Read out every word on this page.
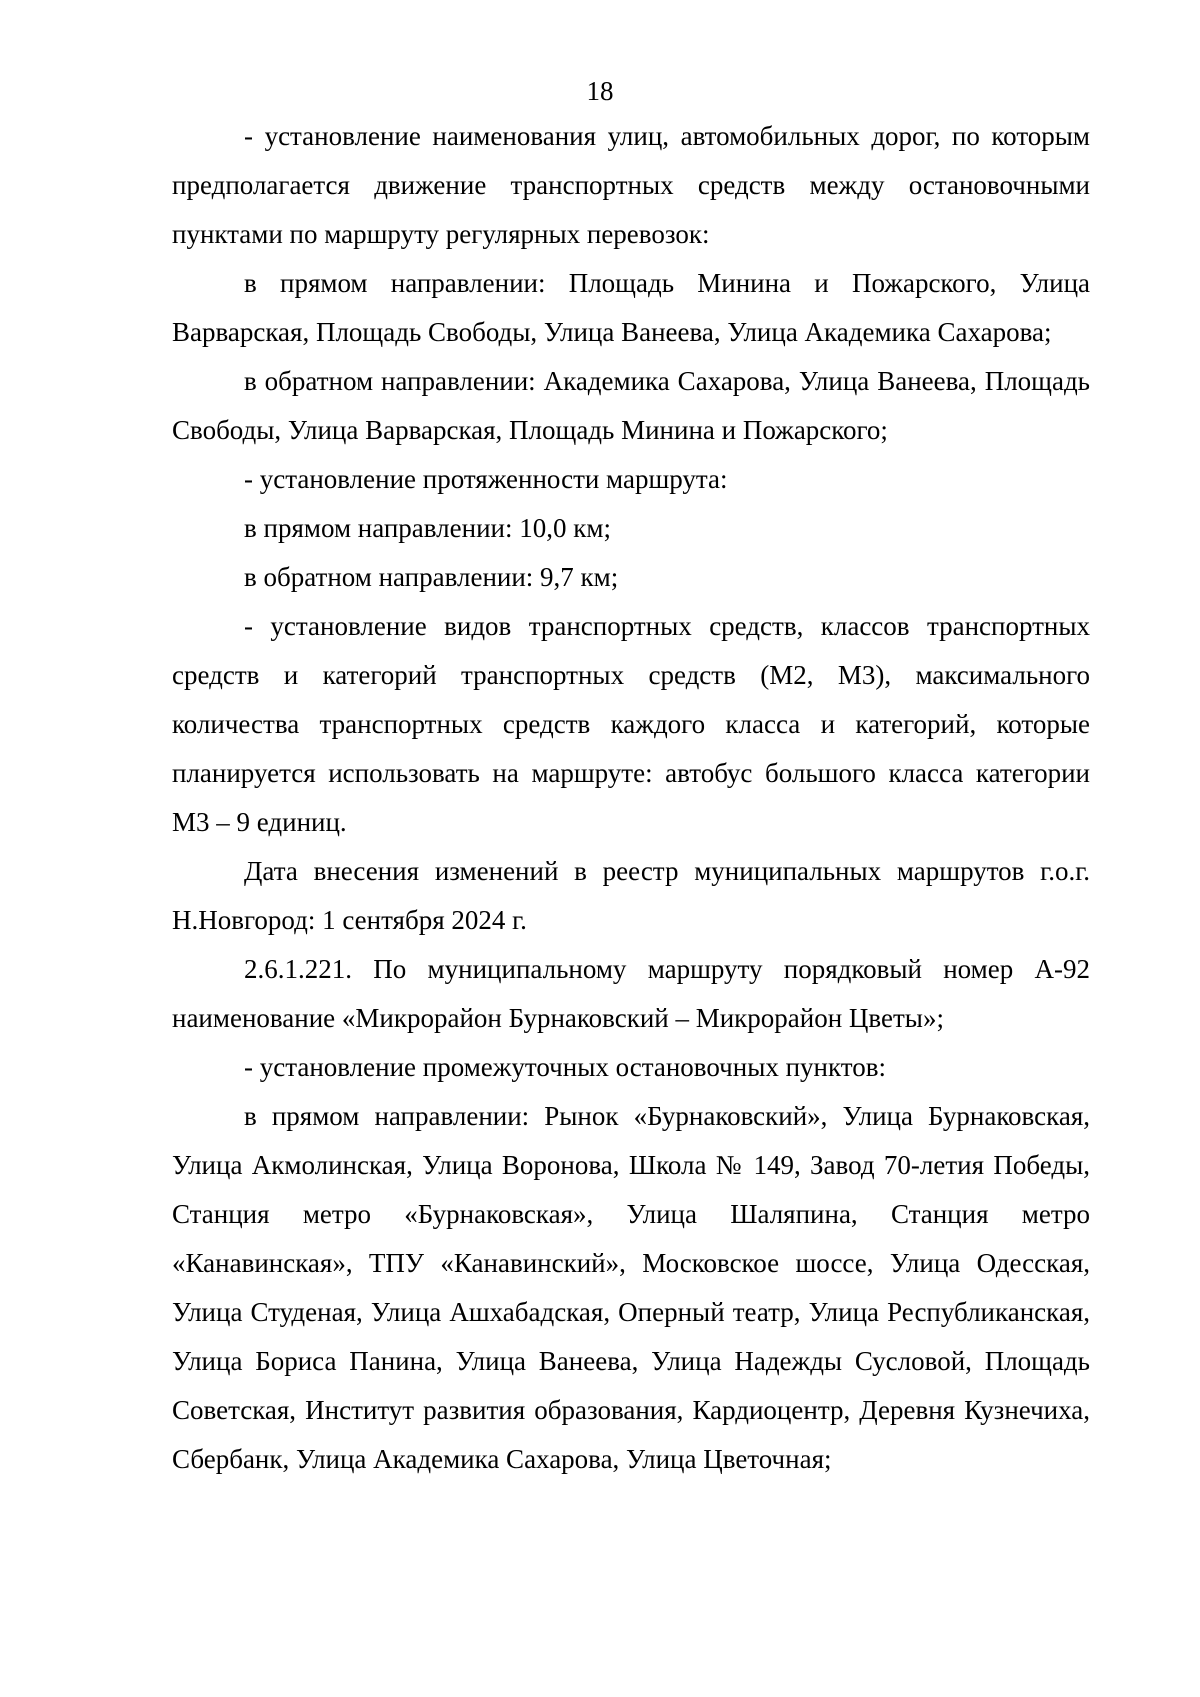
18

- установление наименования улиц, автомобильных дорог, по которым предполагается движение транспортных средств между остановочными пунктами по маршруту регулярных перевозок:

в прямом направлении: Площадь Минина и Пожарского, Улица Варварская, Площадь Свободы, Улица Ванеева, Улица Академика Сахарова;

в обратном направлении: Академика Сахарова, Улица Ванеева, Площадь Свободы, Улица Варварская, Площадь Минина и Пожарского;

- установление протяженности маршрута:

в прямом направлении: 10,0 км;

в обратном направлении: 9,7 км;

- установление видов транспортных средств, классов транспортных средств и категорий транспортных средств (M2, M3), максимального количества транспортных средств каждого класса и категорий, которые планируется использовать на маршруте: автобус большого класса категории М3 – 9 единиц.

Дата внесения изменений в реестр муниципальных маршрутов г.о.г. Н.Новгород: 1 сентября 2024 г.

2.6.1.221. По муниципальному маршруту порядковый номер А-92 наименование «Микрорайон Бурнаковский – Микрорайон Цветы»;

- установление промежуточных остановочных пунктов:

в прямом направлении: Рынок «Бурнаковский», Улица Бурнаковская, Улица Акмолинская, Улица Воронова, Школа № 149, Завод 70-летия Победы, Станция метро «Бурнаковская», Улица Шаляпина, Станция метро «Канавинская», ТПУ «Канавинский», Московское шоссе, Улица Одесская, Улица Студеная, Улица Ашхабадская, Оперный театр, Улица Республиканская, Улица Бориса Панина, Улица Ванеева, Улица Надежды Сусловой, Площадь Советская, Институт развития образования, Кардиоцентр, Деревня Кузнечиха, Сбербанк, Улица Академика Сахарова, Улица Цветочная;
